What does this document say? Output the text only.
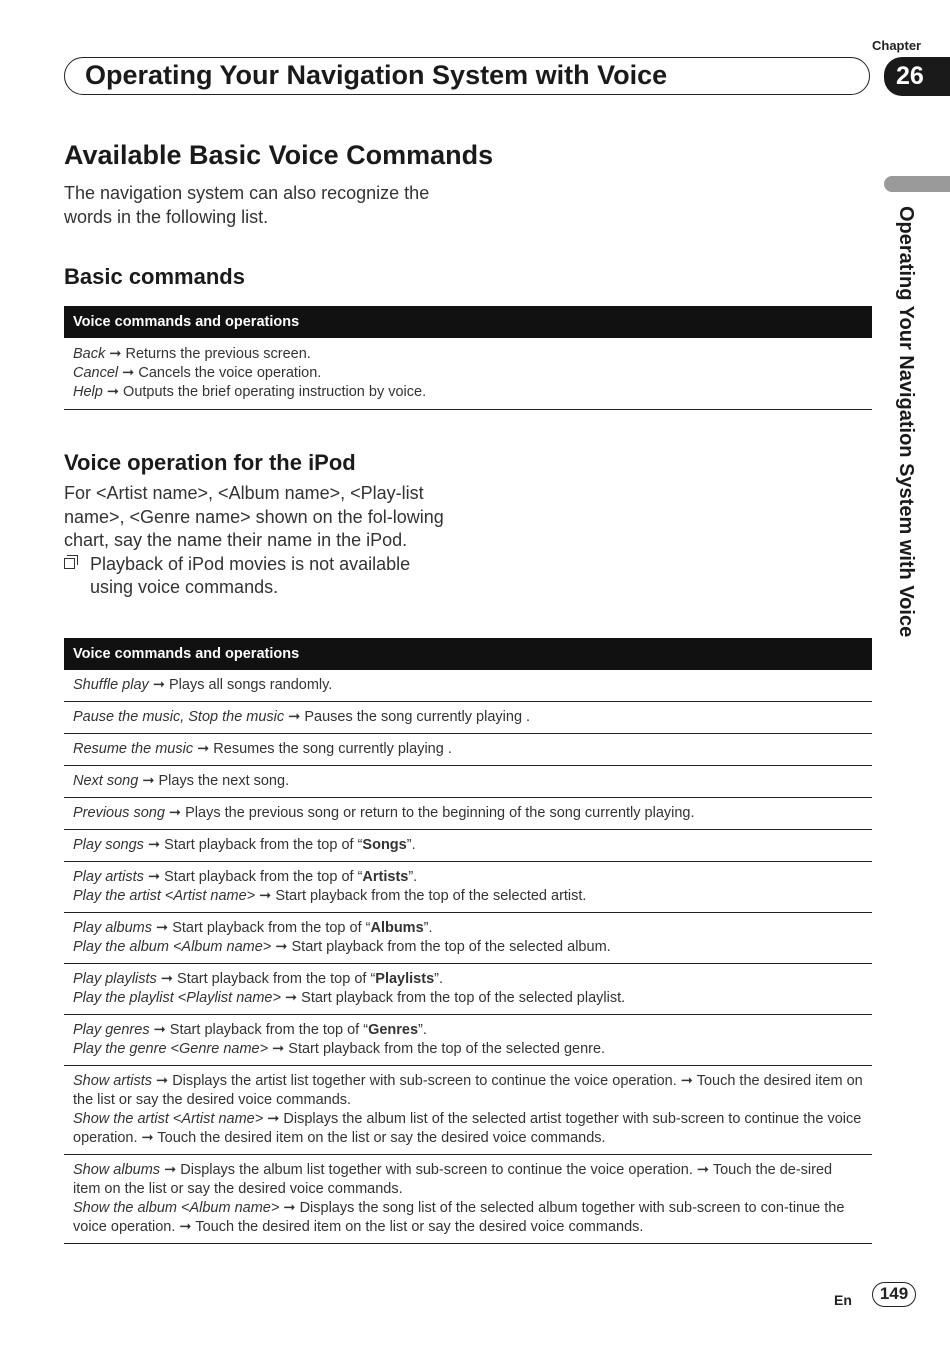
Chapter
Operating Your Navigation System with Voice	26
Operating Your Navigation System with Voice
Available Basic Voice Commands
The navigation system can also recognize the words in the following list.
Basic commands
Voice commands and operations
Back ➞ Returns the previous screen.
Cancel ➞ Cancels the voice operation.
Help ➞ Outputs the brief operating instruction by voice.
Voice operation for the iPod
For <Artist name>, <Album name>, <Play-list name>, <Genre name> shown on the fol-lowing chart, say the name their name in the iPod.
Playback of iPod movies is not available using voice commands.
Voice commands and operations
Shuffle play ➞ Plays all songs randomly.
Pause the music, Stop the music ➞ Pauses the song currently playing .
Resume the music ➞ Resumes the song currently playing .
Next song ➞ Plays the next song.
Previous song ➞ Plays the previous song or return to the beginning of the song currently playing.
Play songs ➞ Start playback from the top of “Songs”.
Play artists ➞ Start playback from the top of “Artists”.
Play the artist <Artist name> ➞ Start playback from the top of the selected artist.
Play albums ➞ Start playback from the top of “Albums”.
Play the album <Album name> ➞ Start playback from the top of the selected album.
Play playlists ➞ Start playback from the top of “Playlists”.
Play the playlist <Playlist name> ➞ Start playback from the top of the selected playlist.
Play genres ➞ Start playback from the top of “Genres”.
Play the genre <Genre name> ➞ Start playback from the top of the selected genre.
Show artists ➞ Displays the artist list together with sub-screen to continue the voice operation. ➞ Touch the desired item on the list or say the desired voice commands.
Show the artist <Artist name> ➞ Displays the album list of the selected artist together with sub-screen to continue the voice operation. ➞ Touch the desired item on the list or say the desired voice commands.
Show albums ➞ Displays the album list together with sub-screen to continue the voice operation. ➞ Touch the de-sired item on the list or say the desired voice commands.
Show the album <Album name> ➞ Displays the song list of the selected album together with sub-screen to con-tinue the voice operation. ➞ Touch the desired item on the list or say the desired voice commands.
En	149
